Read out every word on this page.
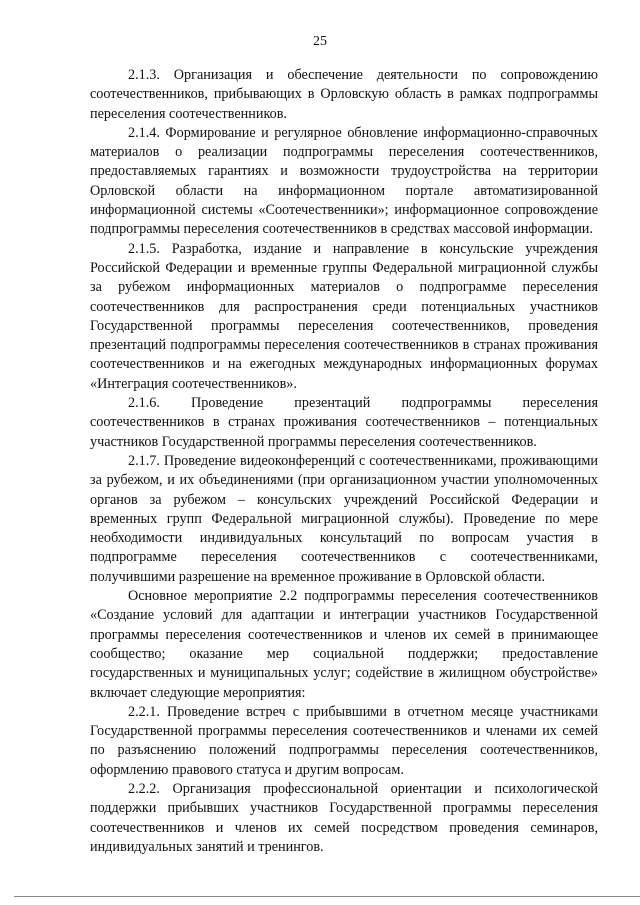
25

2.1.3. Организация и обеспечение деятельности по сопровождению соотечественников, прибывающих в Орловскую область в рамках подпрограммы переселения соотечественников.

2.1.4. Формирование и регулярное обновление информационно-справочных материалов о реализации подпрограммы переселения соотечественников, предоставляемых гарантиях и возможности трудоустройства на территории Орловской области на информационном портале автоматизированной информационной системы «Соотечественники»; информационное сопровождение подпрограммы переселения соотечественников в средствах массовой информации.

2.1.5. Разработка, издание и направление в консульские учреждения Российской Федерации и временные группы Федеральной миграционной службы за рубежом информационных материалов о подпрограмме переселения соотечественников для распространения среди потенциальных участников Государственной программы переселения соотечественников, проведения презентаций подпрограммы переселения соотечественников в странах проживания соотечественников и на ежегодных международных информационных форумах «Интеграция соотечественников».

2.1.6. Проведение презентаций подпрограммы переселения соотечественников в странах проживания соотечественников – потенциальных участников Государственной программы переселения соотечественников.

2.1.7. Проведение видеоконференций с соотечественниками, проживающими за рубежом, и их объединениями (при организационном участии уполномоченных органов за рубежом – консульских учреждений Российской Федерации и временных групп Федеральной миграционной службы). Проведение по мере необходимости индивидуальных консультаций по вопросам участия в подпрограмме переселения соотечественников с соотечественниками, получившими разрешение на временное проживание в Орловской области.

Основное мероприятие 2.2 подпрограммы переселения соотечественников «Создание условий для адаптации и интеграции участников Государственной программы переселения соотечественников и членов их семей в принимающее сообщество; оказание мер социальной поддержки; предоставление государственных и муниципальных услуг; содействие в жилищном обустройстве» включает следующие мероприятия:

2.2.1. Проведение встреч с прибывшими в отчетном месяце участниками Государственной программы переселения соотечественников и членами их семей по разъяснению положений подпрограммы переселения соотечественников, оформлению правового статуса и другим вопросам.

2.2.2. Организация профессиональной ориентации и психологической поддержки прибывших участников Государственной программы переселения соотечественников и членов их семей посредством проведения семинаров, индивидуальных занятий и тренингов.
